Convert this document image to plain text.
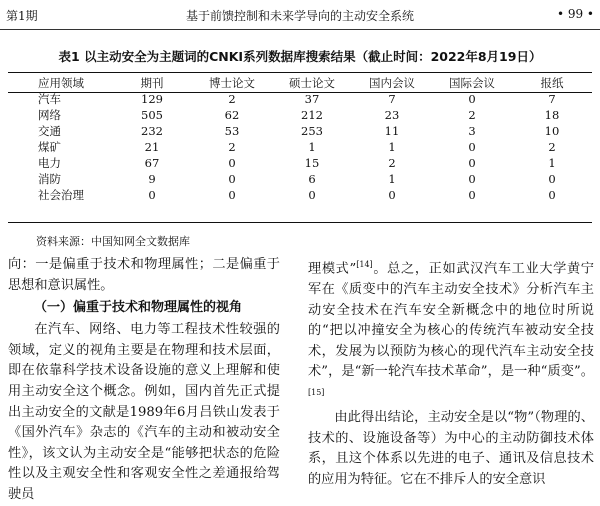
第1期	基于前馈控制和未来学导向的主动安全系统	• 99 •
表1 以主动安全为主题词的CNKI系列数据库搜索结果（截止时间：2022年8月19日）
应用领域	期刊	博士论文	硕士论文	国内会议	国际会议	报纸
汽车	129	2	37	7	0	7
网络	505	62	212	23	2	18
交通	232	53	253	11	3	10
煤矿	21	2	1	1	0	2
电力	67	0	15	2	0	1
消防	9	0	6	1	0	0
社会治理	0	0	0	0	0	0
资料来源：中国知网全文数据库

向：一是偏重于技术和物理属性；二是偏重于思想和意识属性。

（一）偏重于技术和物理属性的视角

在汽车、网络、电力等工程技术性较强的领域，定义的视角主要是在物理和技术层面，即在依靠科学技术设备设施的意义上理解和使用主动安全这个概念。例如，国内首先正式提出主动安全的文献是1989年6月吕铁山发表于《国外汽车》杂志的《汽车的主动和被动安全性》，该文认为主动安全是“能够把状态的危险性以及主观安全性和客观安全性之差通报给驾驶员

理模式”[14]。总之，正如武汉汽车工业大学黄宁军在《质变中的汽车主动安全技术》分析汽车主动安全技术在汽车安全新概念中的地位时所说的“把以冲撞安全为核心的传统汽车被动安全技术，发展为以预防为核心的现代汽车主动安全技术”，是“新一轮汽车技术革命”，是一种“质变”。[15]

由此得出结论，主动安全是以“物”（物理的、技术的、设施设备等）为中心的主动防御技术体系，且这个体系以先进的电子、通讯及信息技术的应用为特征。它在不排斥人的安全意识
